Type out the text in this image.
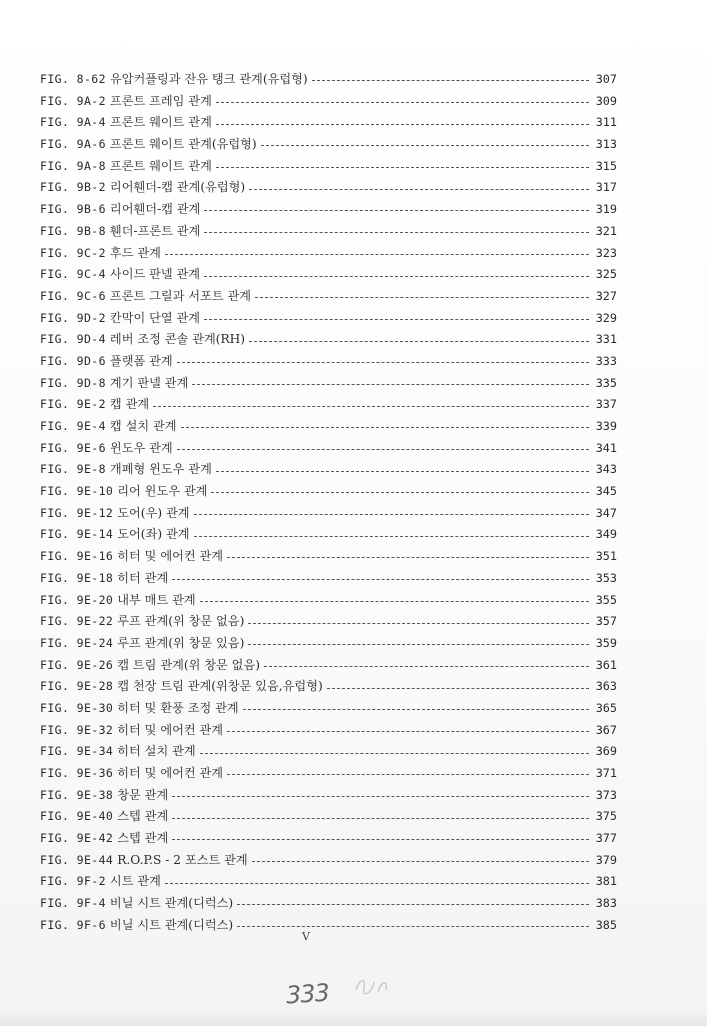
FIG. 8-62 유압커플링과 잔유 탱크 관계(유럽형)	307
FIG. 9A-2 프론트 프레임 관계	309
FIG. 9A-4 프론트 웨이트 관계	311
FIG. 9A-6 프론트 웨이트 관계(유럽형)	313
FIG. 9A-8 프론트 웨이트 관계	315
FIG. 9B-2 리어휀더-캡 관계(유럽형)	317
FIG. 9B-6 리어휀더-캡 관계	319
FIG. 9B-8 휀더-프론트 관계	321
FIG. 9C-2 후드 관계	323
FIG. 9C-4 사이드 판넬 관계	325
FIG. 9C-6 프론트 그릴과 서포트 관계	327
FIG. 9D-2 칸막이 단열 관계	329
FIG. 9D-4 레버 조정 콘솔 관계(RH)	331
FIG. 9D-6 플랫폼 관계	333
FIG. 9D-8 계기 판넬 관계	335
FIG. 9E-2 캡 관계	337
FIG. 9E-4 캡 설치 관계	339
FIG. 9E-6 윈도우 관계	341
FIG. 9E-8 개폐형 윈도우 관계	343
FIG. 9E-10 리어 윈도우 관계	345
FIG. 9E-12 도어(우) 관계	347
FIG. 9E-14 도어(좌) 관계	349
FIG. 9E-16 히터 및 에어컨 관계	351
FIG. 9E-18 히터 관계	353
FIG. 9E-20 내부 매트 관계	355
FIG. 9E-22 루프 관계(위 창문 없음)	357
FIG. 9E-24 루프 관계(위 창문 있음)	359
FIG. 9E-26 캡 트림 관계(위 창문 없음)	361
FIG. 9E-28 캡 천장 트림 관계(위창문 있음,유럽형)	363
FIG. 9E-30 히터 및 환풍 조정 관계	365
FIG. 9E-32 히터 및 에어컨 관계	367
FIG. 9E-34 히터 설치 관계	369
FIG. 9E-36 히터 및 에어컨 관계	371
FIG. 9E-38 창문 관계	373
FIG. 9E-40 스텝 관계	375
FIG. 9E-42 스텝 관계	377
FIG. 9E-44 R.O.P.S - 2 포스트 관계	379
FIG. 9F-2 시트 관계	381
FIG. 9F-4 비닐 시트 관계(디럭스)	383
FIG. 9F-6 비닐 시트 관계(디럭스)	385
V
333
